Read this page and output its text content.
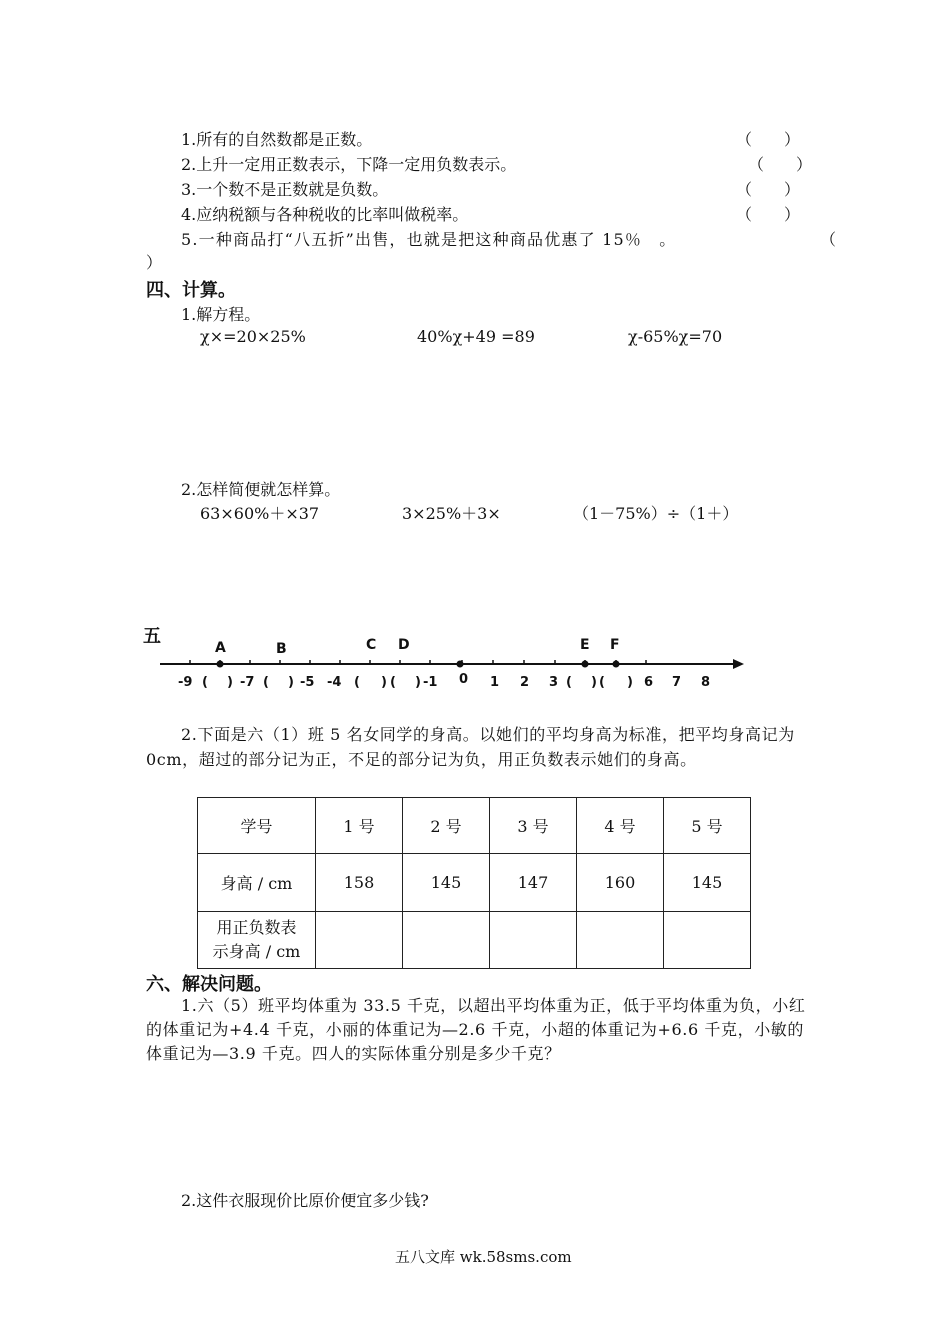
1.所有的自然数都是正数。	（　　）
2.上升一定用正数表示，下降一定用负数表示。	（　　）
3.一个数不是正数就是负数。	（　　）
4.应纳税额与各种税收的比率叫做税率。	（　　）
5.一种商品打“八五折”出售，也就是把这种商品优惠了 15％　。	（
）
四、计算。
1.解方程。
χ×=20×25%	40%χ+49 =89	χ-65%χ=70
2.怎样简便就怎样算。
63×60%＋×37	3×25%＋3×	（1－75%）÷（1＋）
五
-9 ( ) -7 ( ) -5 -4 ( ) ( ) -1 0 1 2 3 ( ) ( ) 6 7 8
A	B	C D	E F
2.下面是六（1）班 5 名女同学的身高。以她们的平均身高为标准，把平均身高记为 0cm，超过的部分记为正，不足的部分记为负，用正负数表示她们的身高。
学号	1 号	2 号	3 号	4 号	5 号
身高 / cm	158	145	147	160	145

用正负数表
示身高 / cm					

六、解决问题。
1.六（5）班平均体重为 33.5 千克，以超出平均体重为正，低于平均体重为负，小红的体重记为+4.4 千克，小丽的体重记为—2.6 千克，小超的体重记为+6.6 千克，小敏的体重记为—3.9 千克。四人的实际体重分别是多少千克？
2.这件衣服现价比原价便宜多少钱?
五八文库 wk.58sms.com
